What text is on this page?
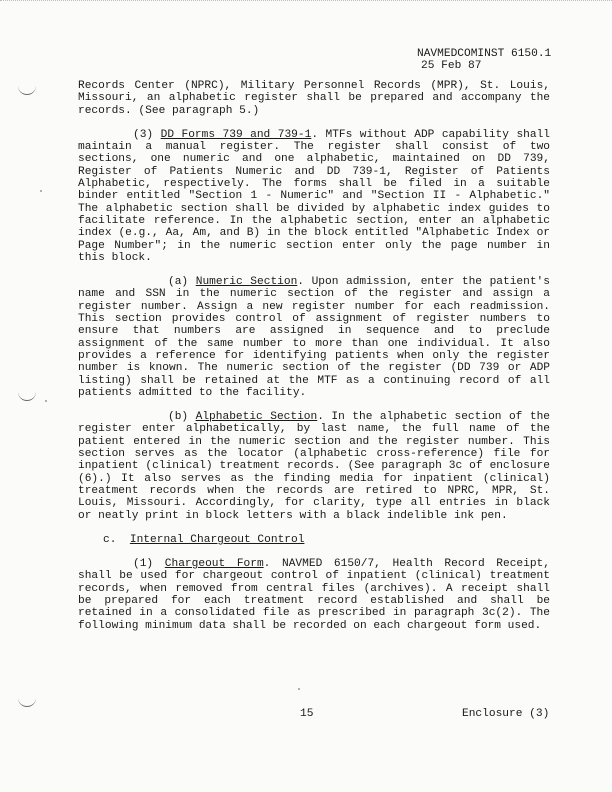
NAVMEDCOMINST 6150.1
25 Feb 87

Records Center (NPRC), Military Personnel Records (MPR), St. Louis, Missouri, an alphabetic register shall be prepared and accompany the records. (See paragraph 5.)

(3) DD Forms 739 and 739-1. MTFs without ADP capability shall maintain a manual register. The register shall consist of two sections, one numeric and one alphabetic, maintained on DD 739, Register of Patients Numeric and DD 739-1, Register of Patients Alphabetic, respectively. The forms shall be filed in a suitable binder entitled "Section 1 - Numeric" and "Section II - Alphabetic." The alphabetic section shall be divided by alphabetic index guides to facilitate reference. In the alphabetic section, enter an alphabetic index (e.g., Aa, Am, and B) in the block entitled "Alphabetic Index or Page Number"; in the numeric section enter only the page number in this block.

(a) Numeric Section. Upon admission, enter the patient's name and SSN in the numeric section of the register and assign a register number. Assign a new register number for each readmission. This section provides control of assignment of register numbers to ensure that numbers are assigned in sequence and to preclude assignment of the same number to more than one individual. It also provides a reference for identifying patients when only the register number is known. The numeric section of the register (DD 739 or ADP listing) shall be retained at the MTF as a continuing record of all patients admitted to the facility.

(b) Alphabetic Section. In the alphabetic section of the register enter alphabetically, by last name, the full name of the patient entered in the numeric section and the register number. This section serves as the locator (alphabetic cross-reference) file for inpatient (clinical) treatment records. (See paragraph 3c of enclosure (6).) It also serves as the finding media for inpatient (clinical) treatment records when the records are retired to NPRC, MPR, St. Louis, Missouri. Accordingly, for clarity, type all entries in black or neatly print in block letters with a black indelible ink pen.

c. Internal Chargeout Control

(1) Chargeout Form. NAVMED 6150/7, Health Record Receipt, shall be used for chargeout control of inpatient (clinical) treatment records, when removed from central files (archives). A receipt shall be prepared for each treatment record established and shall be retained in a consolidated file as prescribed in paragraph 3c(2). The following minimum data shall be recorded on each chargeout form used.

15	Enclosure (3)
